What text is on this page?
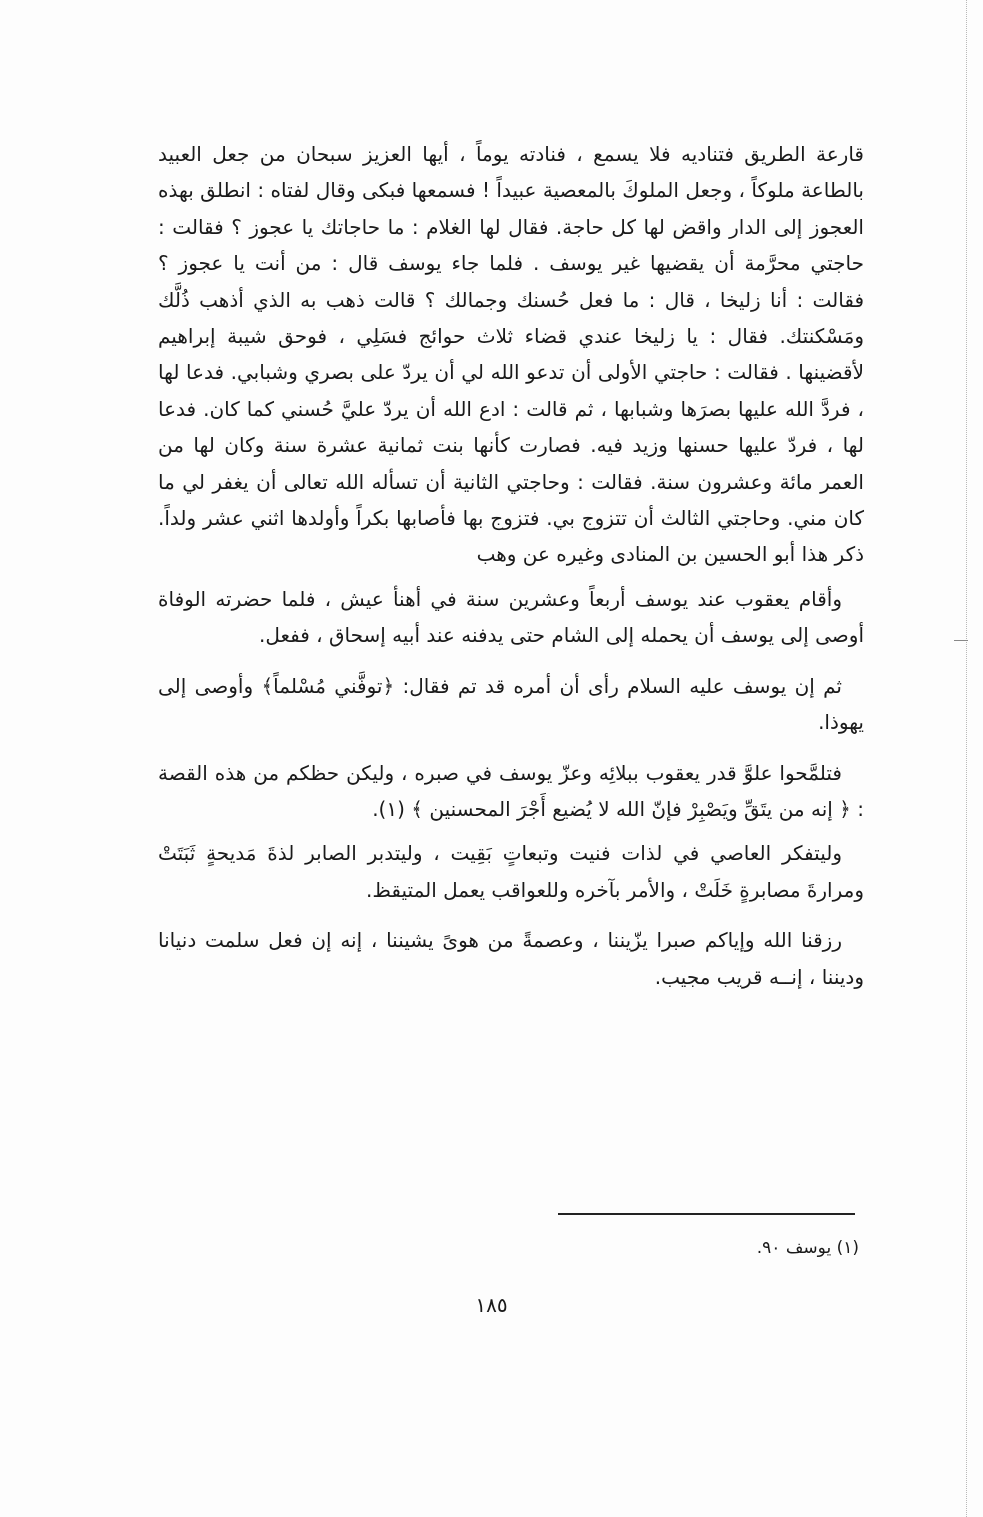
قارعة الطريق فتناديه فلا يسمع ، فنادته يوماً ، أيها العزيز سبحان من جعل العبيد بالطاعة ملوكاً ، وجعل الملوكَ بالمعصية عبيداً ! فسمعها فبكى وقال لفتاه : انطلق بهذه العجوز إلى الدار واقض لها كل حاجة. فقال لها الغلام : ما حاجاتك يا عجوز ؟ فقالت : حاجتي محرَّمة أن يقضيها غير يوسف . فلما جاء يوسف قال : من أنت يا عجوز ؟ فقالت : أنا زليخا ، قال : ما فعل حُسنك وجمالك ؟ قالت ذهب به الذي أذهب ذُلَّك ومَسْكنتك. فقال : يا زليخا عندي قضاء ثلاث حوائج فسَلِي ، فوحق شيبة إبراهيم لأقضينها . فقالت : حاجتي الأولى أن تدعو الله لي أن يردّ على بصري وشبابي. فدعا لها ، فردَّ الله عليها بصرَها وشبابها ، ثم قالت : ادع الله أن يردّ عليَّ حُسني كما كان. فدعا لها ، فردّ عليها حسنها وزيد فيه. فصارت كأنها بنت ثمانية عشرة سنة وكان لها من العمر مائة وعشرون سنة. فقالت : وحاجتي الثانية أن تسأله الله تعالى أن يغفر لي ما كان مني. وحاجتي الثالث أن تتزوج بي. فتزوج بها فأصابها بكراً وأولدها اثني عشر ولداً. ذكر هذا أبو الحسين بن المنادى وغيره عن وهب

وأقام يعقوب عند يوسف أربعاً وعشرين سنة في أهنأ عيش ، فلما حضرته الوفاة أوصى إلى يوسف أن يحمله إلى الشام حتى يدفنه عند أبيه إسحاق ، ففعل.

ثم إن يوسف عليه السلام رأى أن أمره قد تم فقال: ﴿توفَّني مُسْلماً﴾ وأوصى إلى يهوذا.

فتلمَّحوا علوَّ قدر يعقوب ببلائِه وعزّ يوسف في صبره ، وليكن حظكم من هذه القصة : ﴿ إنه من يتَقِّ ويَصْبِرْ فإنّ الله لا يُضيع أَجْرَ المحسنين ﴾ (١).

وليتفكر العاصي في لذات فنيت وتبعاتٍ بَقِيت ، وليتدبر الصابر لذةَ مَديحةٍ ثَبَتَتْ ومرارةَ مصابرةٍ خَلَتْ ، والأمر بآخره وللعواقب يعمل المتيقظ.

رزقنا الله وإياكم صبرا يزّيننا ، وعصمةً من هوىً يشيننا ، إنه إن فعل سلمت دنيانا وديننا ، إنــه قريب مجيب.

(١) يوسف ٩٠.
١٨٥
